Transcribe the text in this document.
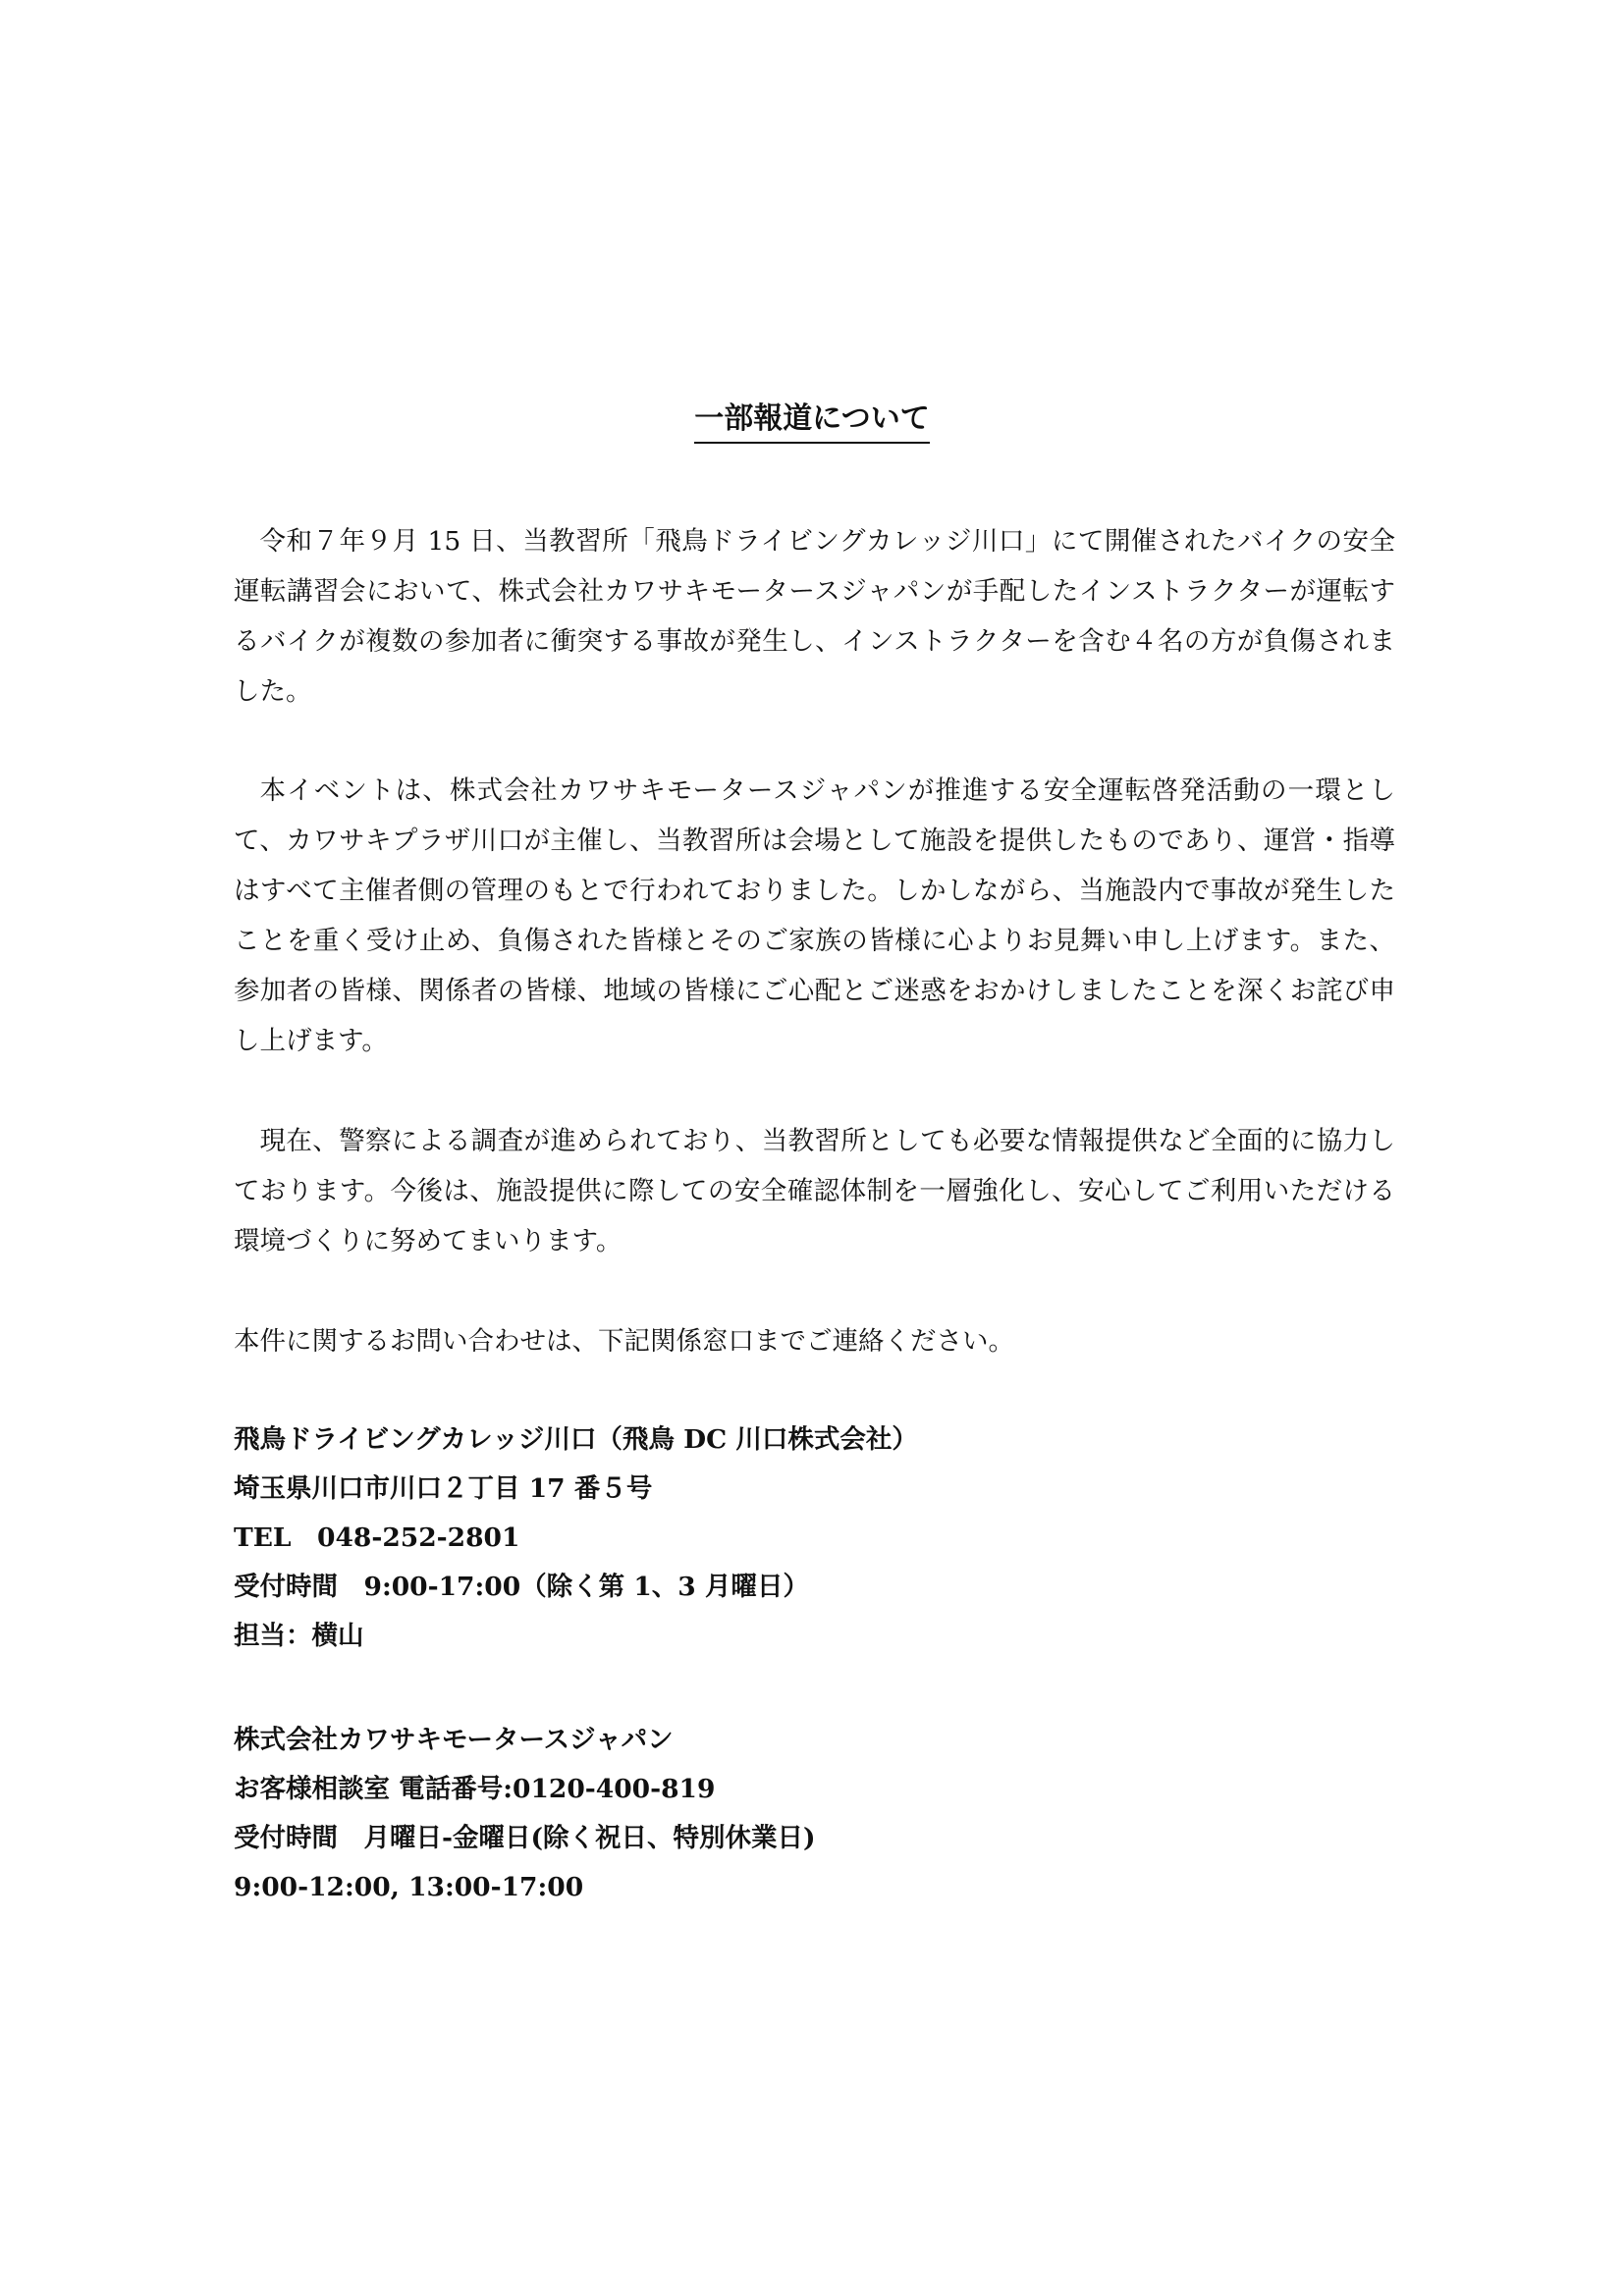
一部報道について

令和７年９月 15 日、当教習所「飛鳥ドライビングカレッジ川口」にて開催されたバイクの安全運転講習会において、株式会社カワサキモータースジャパンが手配したインストラクターが運転するバイクが複数の参加者に衝突する事故が発生し、インストラクターを含む４名の方が負傷されました。

本イベントは、株式会社カワサキモータースジャパンが推進する安全運転啓発活動の一環として、カワサキプラザ川口が主催し、当教習所は会場として施設を提供したものであり、運営・指導はすべて主催者側の管理のもとで行われておりました。しかしながら、当施設内で事故が発生したことを重く受け止め、負傷された皆様とそのご家族の皆様に心よりお見舞い申し上げます。また、参加者の皆様、関係者の皆様、地域の皆様にご心配とご迷惑をおかけしましたことを深くお詫び申し上げます。

現在、警察による調査が進められており、当教習所としても必要な情報提供など全面的に協力しております。今後は、施設提供に際しての安全確認体制を一層強化し、安心してご利用いただける環境づくりに努めてまいります。

本件に関するお問い合わせは、下記関係窓口までご連絡ください。

飛鳥ドライビングカレッジ川口（飛鳥 DC 川口株式会社）
埼玉県川口市川口２丁目 17 番５号
TEL　048-252-2801
受付時間　9:00-17:00（除く第 1、3 月曜日）
担当：横山
株式会社カワサキモータースジャパン
お客様相談室 電話番号:0120-400-819
受付時間　月曜日-金曜日(除く祝日、特別休業日)
9:00-12:00, 13:00-17:00
